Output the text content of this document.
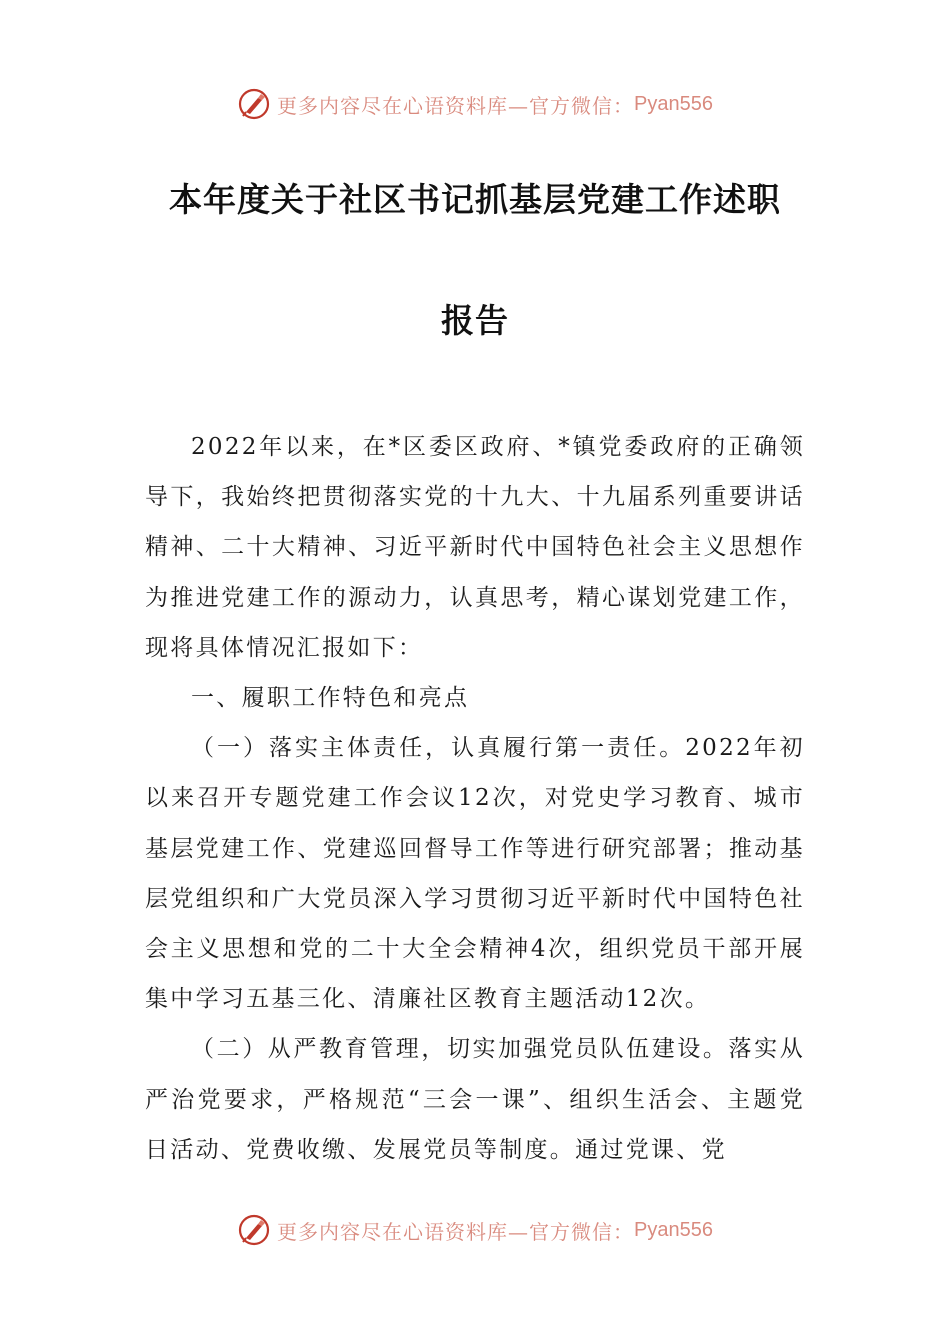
更多内容尽在心语资料库—官方微信： Pyan556
本年度关于社区书记抓基层党建工作述职
报告

2022年以来，在*区委区政府、*镇党委政府的正确领导下，我始终把贯彻落实党的十九大、十九届系列重要讲话精神、二十大精神、习近平新时代中国特色社会主义思想作为推进党建工作的源动力，认真思考，精心谋划党建工作，现将具体情况汇报如下：

一、履职工作特色和亮点

（一）落实主体责任，认真履行第一责任。2022年初以来召开专题党建工作会议12次，对党史学习教育、城市基层党建工作、党建巡回督导工作等进行研究部署；推动基层党组织和广大党员深入学习贯彻习近平新时代中国特色社会主义思想和党的二十大全会精神4次，组织党员干部开展集中学习五基三化、清廉社区教育主题活动12次。

（二）从严教育管理，切实加强党员队伍建设。落实从严治党要求，严格规范“三会一课”、组织生活会、主题党日活动、党费收缴、发展党员等制度。通过党课、党

更多内容尽在心语资料库—官方微信： Pyan556
